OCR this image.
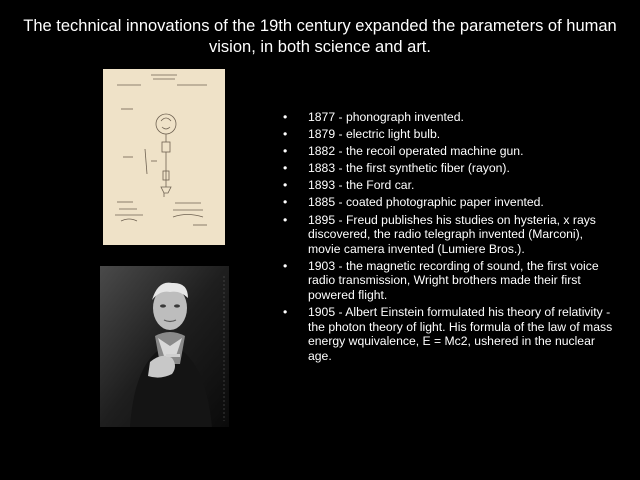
The technical innovations of the 19th century expanded the parameters of human vision, in both science and art.
• 1877 - phonograph invented.
• 1879 - electric light bulb.
• 1882 - the recoil operated machine gun.
• 1883 - the first synthetic fiber (rayon).
• 1893 - the Ford car.
• 1885 - coated photographic paper invented.
• 1895 - Freud publishes his studies on hysteria, x rays discovered, the radio telegraph invented (Marconi), movie camera invented (Lumiere Bros.).
• 1903 - the magnetic recording of sound, the first voice radio transmission, Wright brothers made their first powered flight.
• 1905 - Albert Einstein formulated his theory of relativity - the photon theory of light. His formula of the law of mass energy wquivalence, E = Mc2, ushered in the nuclear age.
